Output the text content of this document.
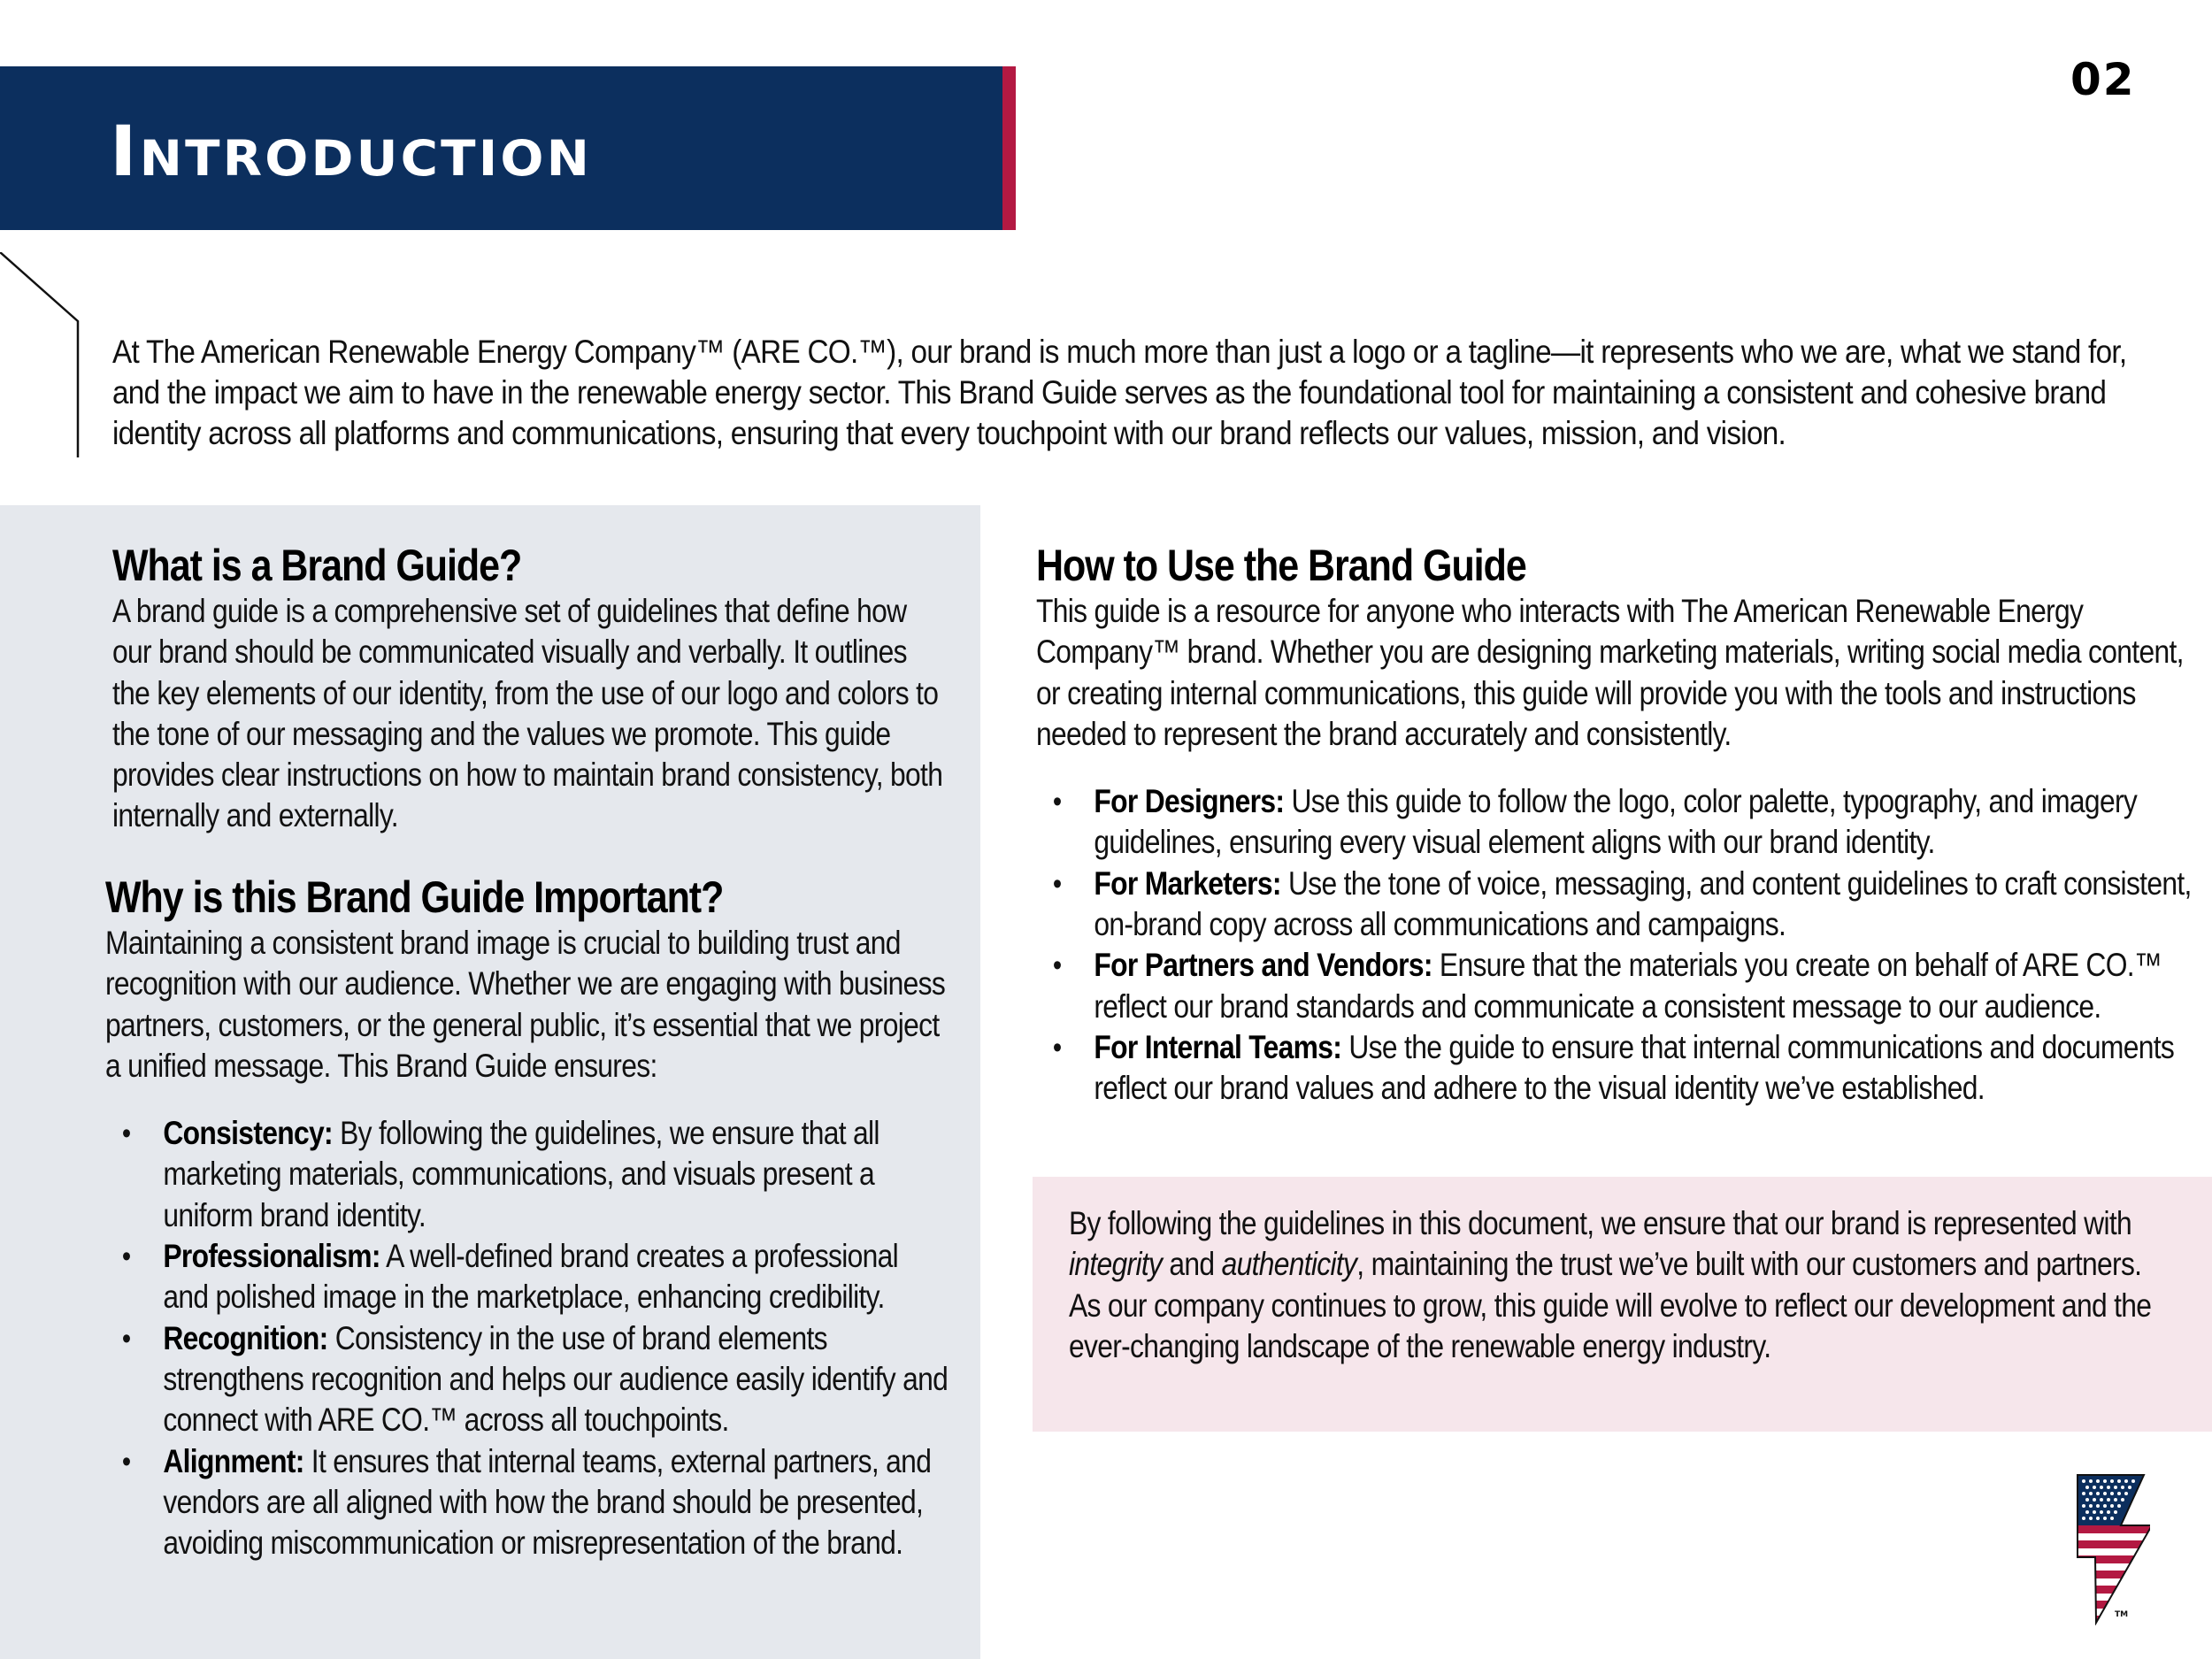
Introduction
02
At The American Renewable Energy Company™ (ARE CO.™), our brand is much more than just a logo or a tagline—it represents who we are, what we stand for, and the impact we aim to have in the renewable energy sector. This Brand Guide serves as the foundational tool for maintaining a consistent and cohesive brand identity across all platforms and communications, ensuring that every touchpoint with our brand reflects our values, mission, and vision.
What is a Brand Guide?

A brand guide is a comprehensive set of guidelines that define how our brand should be communicated visually and verbally. It outlines the key elements of our identity, from the use of our logo and colors to the tone of our messaging and the values we promote. This guide provides clear instructions on how to maintain brand consistency, both internally and externally.

Why is this Brand Guide Important?

Maintaining a consistent brand image is crucial to building trust and recognition with our audience. Whether we are engaging with business partners, customers, or the general public, it’s essential that we project a unified message. This Brand Guide ensures:

• Consistency: By following the guidelines, we ensure that all marketing materials, communications, and visuals present a uniform brand identity.
• Professionalism: A well-defined brand creates a professional and polished image in the marketplace, enhancing credibility.
• Recognition: Consistency in the use of brand elements strengthens recognition and helps our audience easily identify and connect with ARE CO.™ across all touchpoints.
• Alignment: It ensures that internal teams, external partners, and vendors are all aligned with how the brand should be presented, avoiding miscommunication or misrepresentation of the brand.
How to Use the Brand Guide

This guide is a resource for anyone who interacts with The American Renewable Energy Company™ brand. Whether you are designing marketing materials, writing social media content, or creating internal communications, this guide will provide you with the tools and instructions needed to represent the brand accurately and consistently.

• For Designers: Use this guide to follow the logo, color palette, typography, and imagery guidelines, ensuring every visual element aligns with our brand identity.
• For Marketers: Use the tone of voice, messaging, and content guidelines to craft consistent, on-brand copy across all communications and campaigns.
• For Partners and Vendors: Ensure that the materials you create on behalf of ARE CO.™ reflect our brand standards and communicate a consistent message to our audience.
• For Internal Teams: Use the guide to ensure that internal communications and documents reflect our brand values and adhere to the visual identity we’ve established.
By following the guidelines in this document, we ensure that our brand is represented with integrity and authenticity, maintaining the trust we’ve built with our customers and partners. As our company continues to grow, this guide will evolve to reflect our development and the ever-changing landscape of the renewable energy industry.
TM
